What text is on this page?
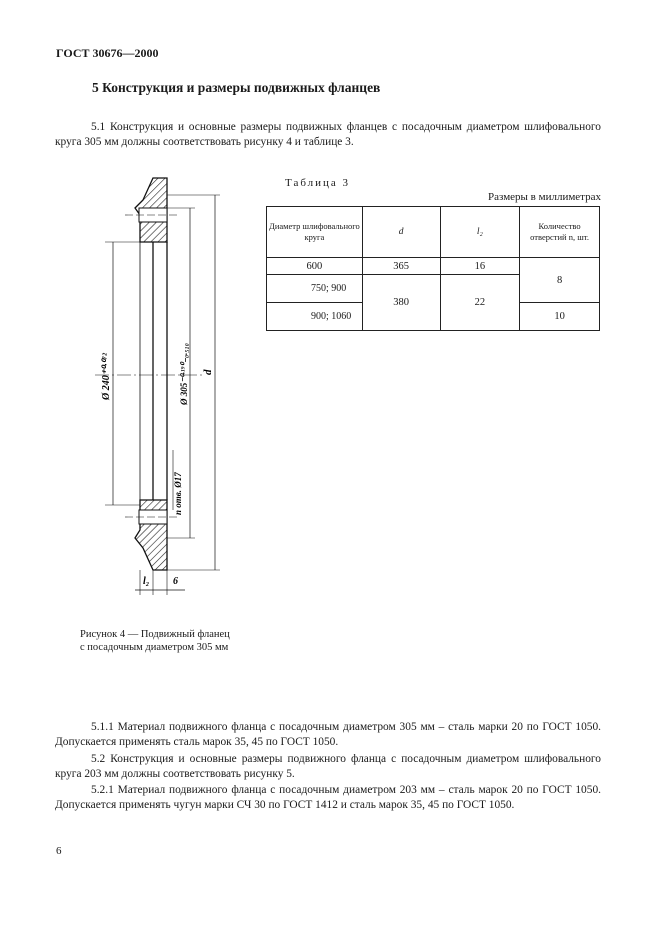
ГОСТ 30676—2000
5 Конструкция и размеры подвижных фланцев
5.1 Конструкция и основные размеры подвижных фланцев с посадочным диаметром шлифовального круга 305 мм должны соответствовать рисунку 4 и таблице 3.
Ø 240⁺⁰·⁰⁷²	Ø 305⁻⁰·¹⁹⁰₋₀.₅₁₀ d
n отв. Ø17
l₂ 6
Таблица 3
Размеры в миллиметрах
Диаметр шлифовального круга	d	l₂	Количество отверстий n, шт.
600	365	16	8
750; 900	380	22	
900; 1060			10
Рисунок 4 — Подвижный фланец
с посадочным диаметром 305 мм
5.1.1 Материал подвижного фланца с посадочным диаметром 305 мм – сталь марки 20 по ГОСТ 1050. Допускается применять сталь марок 35, 45 по ГОСТ 1050.
5.2 Конструкция и основные размеры подвижного фланца с посадочным диаметром шлифовального круга 203 мм должны соответствовать рисунку 5.
5.2.1 Материал подвижного фланца с посадочным диаметром 203 мм – сталь марок 20 по ГОСТ 1050. Допускается применять чугун марки СЧ 30 по ГОСТ 1412 и сталь марок 35, 45 по ГОСТ 1050.
6
